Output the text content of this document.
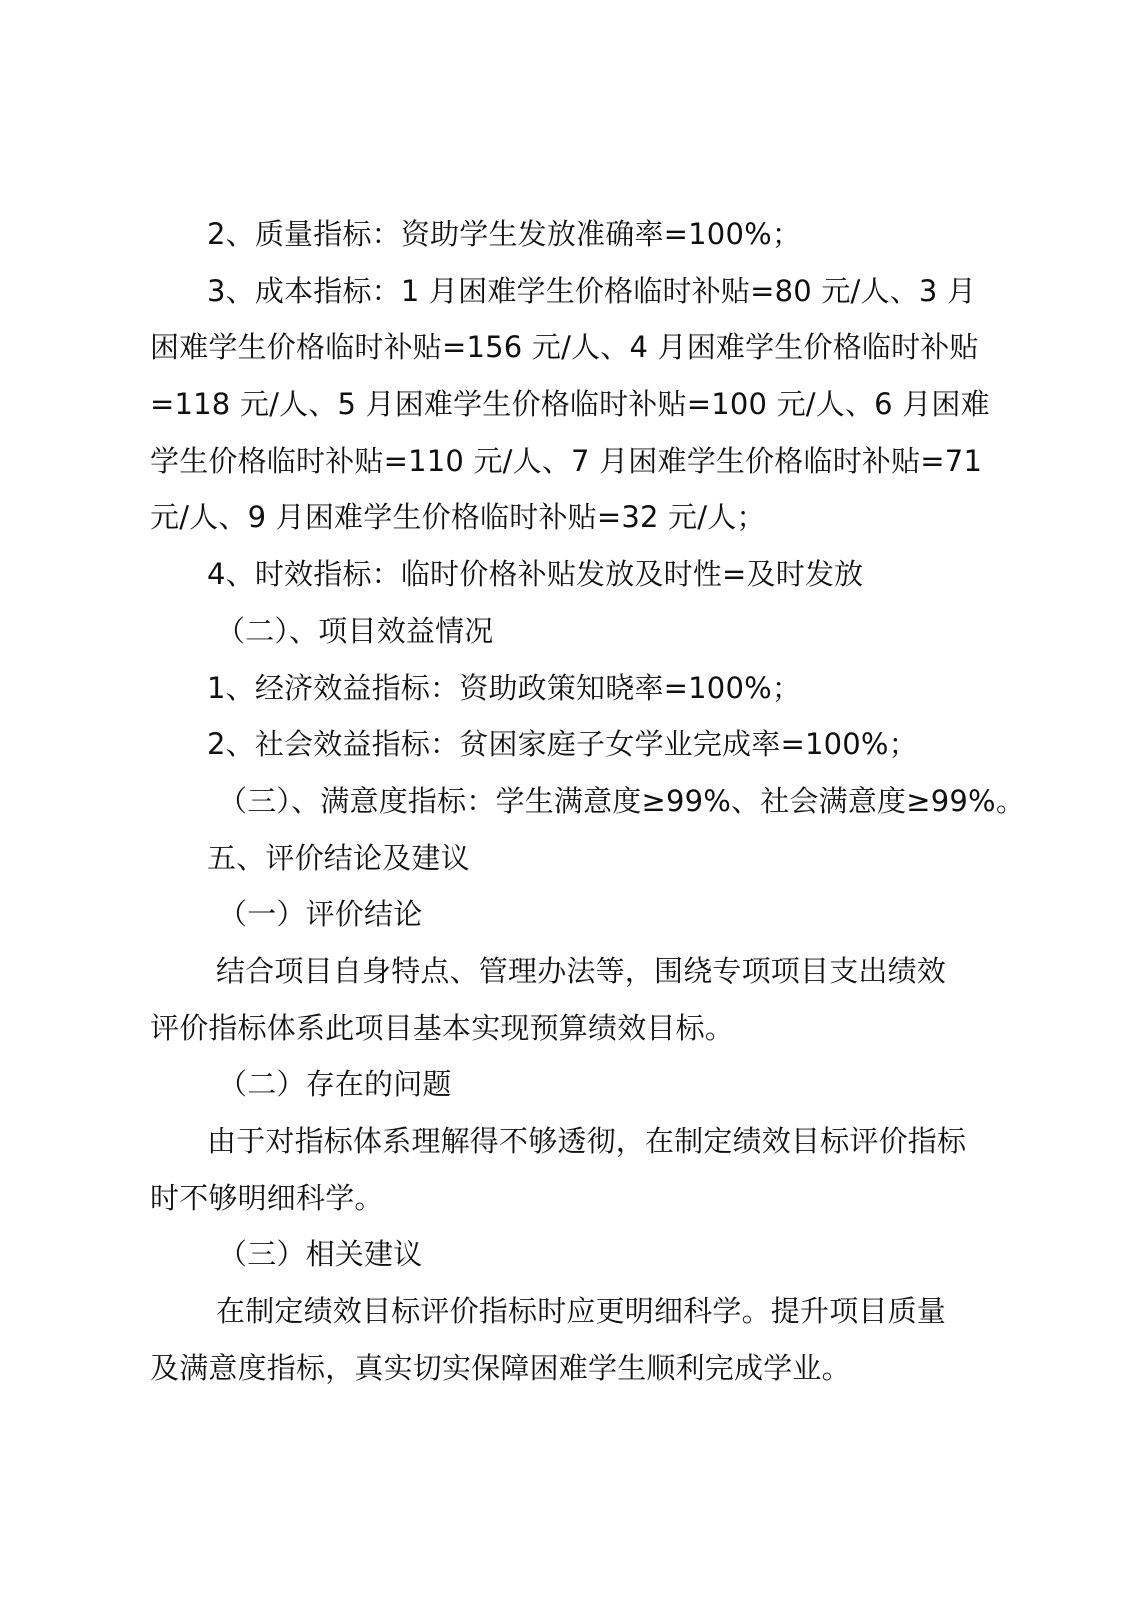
2、质量指标：资助学生发放准确率=100%；
3、成本指标：1 月困难学生价格临时补贴=80 元/人、3 月
困难学生价格临时补贴=156 元/人、4 月困难学生价格临时补贴
=118 元/人、5 月困难学生价格临时补贴=100 元/人、6 月困难
学生价格临时补贴=110 元/人、7 月困难学生价格临时补贴=71
元/人、9 月困难学生价格临时补贴=32 元/人；
4、时效指标：临时价格补贴发放及时性=及时发放
（二）、项目效益情况
1、经济效益指标：资助政策知晓率=100%；
2、社会效益指标：贫困家庭子女学业完成率=100%；
（三）、满意度指标：学生满意度≥99%、社会满意度≥99%。
五、评价结论及建议
（一）评价结论
结合项目自身特点、管理办法等，围绕专项项目支出绩效
评价指标体系此项目基本实现预算绩效目标。
（二）存在的问题
由于对指标体系理解得不够透彻，在制定绩效目标评价指标
时不够明细科学。
（三）相关建议
在制定绩效目标评价指标时应更明细科学。提升项目质量
及满意度指标，真实切实保障困难学生顺利完成学业。
